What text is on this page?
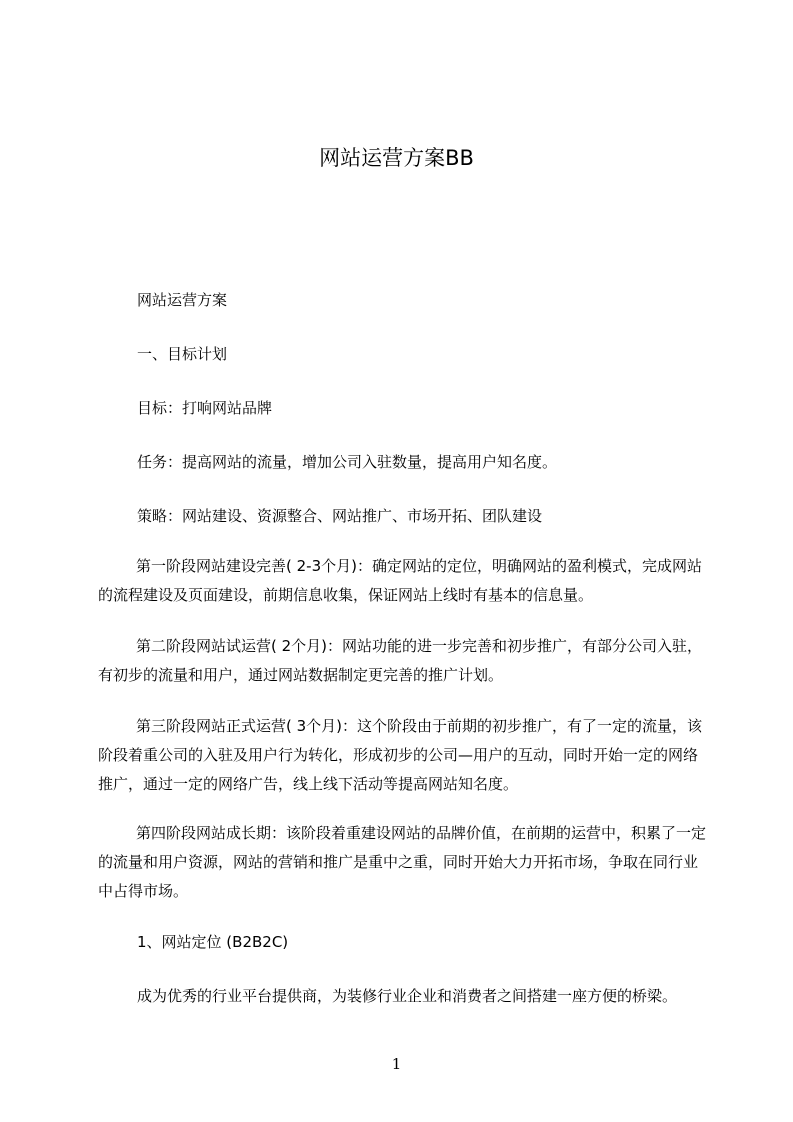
网站运营方案BB
网站运营方案
一、目标计划
目标：打响网站品牌
任务：提高网站的流量，增加公司入驻数量，提高用户知名度。
策略：网站建设、资源整合、网站推广、市场开拓、团队建设

第一阶段网站建设完善( 2-3个月)：确定网站的定位，明确网站的盈利模式，完成网站的流程建设及页面建设，前期信息收集，保证网站上线时有基本的信息量。

第二阶段网站试运营( 2个月)：网站功能的进一步完善和初步推广，有部分公司入驻，有初步的流量和用户，通过网站数据制定更完善的推广计划。

第三阶段网站正式运营( 3个月)：这个阶段由于前期的初步推广，有了一定的流量，该阶段着重公司的入驻及用户行为转化，形成初步的公司—用户的互动，同时开始一定的网络推广，通过一定的网络广告，线上线下活动等提高网站知名度。

第四阶段网站成长期：该阶段着重建设网站的品牌价值，在前期的运营中，积累了一定的流量和用户资源，网站的营销和推广是重中之重，同时开始大力开拓市场，争取在同行业中占得市场。

1、网站定位 (B2B2C)
成为优秀的行业平台提供商，为装修行业企业和消费者之间搭建一座方便的桥梁。
1
